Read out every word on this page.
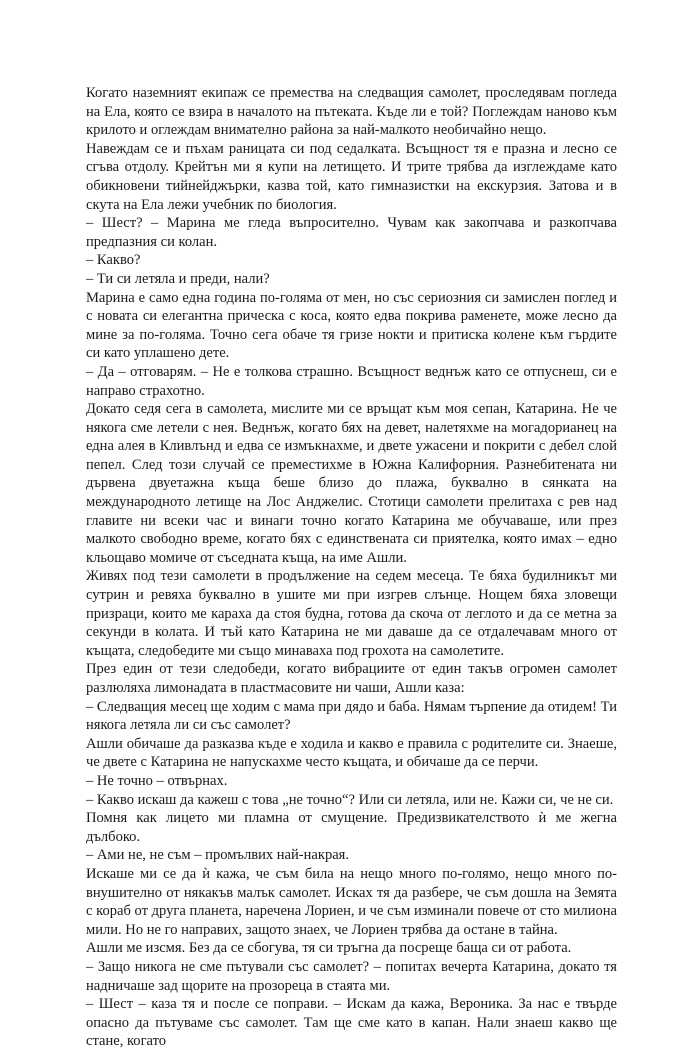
Когато наземният екипаж се премества на следващия самолет, проследявам погледа на Ела, която се взира в началото на пътеката. Къде ли е той? Поглеждам наново към крилото и оглеждам внимателно района за най-малкото необичайно нещо.

Навеждам се и пъхам раницата си под седалката. Всъщност тя е празна и лесно се сгъва отдолу. Крейтън ми я купи на летището. И трите трябва да изглеждаме като обикновени тийнейджърки, казва той, като гимназистки на екскурзия. Затова и в скута на Ела лежи учебник по биология.

– Шест? – Марина ме гледа въпросително. Чувам как закопчава и разкопчава предпазния си колан.

– Какво?

– Ти си летяла и преди, нали?

Марина е само една година по-голяма от мен, но със сериозния си замислен поглед и с новата си елегантна прическа с коса, която едва покрива раменете, може лесно да мине за по-голяма. Точно сега обаче тя гризе нокти и притиска колене към гърдите си като уплашено дете.

– Да – отговарям. – Не е толкова страшно. Всъщност веднъж като се отпуснеш, си е направо страхотно.

Докато седя сега в самолета, мислите ми се връщат към моя сепан, Катарина. Не че някога сме летели с нея. Веднъж, когато бях на девет, налетяхме на могадорианец на една алея в Кливлънд и едва се измъкнахме, и двете ужасени и покрити с дебел слой пепел. След този случай се преместихме в Южна Калифорния. Разнебитената ни дървена двуетажна къща беше близо до плажа, буквално в сянката на международното летище на Лос Анджелис. Стотици самолети прелитаха с рев над главите ни всеки час и винаги точно когато Катарина ме обучаваше, или през малкото свободно време, когато бях с единствената си приятелка, която имах – едно кльощаво момиче от съседната къща, на име Ашли.

Живях под тези самолети в продължение на седем месеца. Те бяха будилникът ми сутрин и ревяха буквално в ушите ми при изгрев слънце. Нощем бяха зловещи призраци, които ме караха да стоя будна, готова да скоча от леглото и да се метна за секунди в колата. И тъй като Катарина не ми даваше да се отдалечавам много от къщата, следобедите ми също минаваха под грохота на самолетите.

През един от тези следобеди, когато вибрациите от един такъв огромен самолет разлюляха лимонадата в пластмасовите ни чаши, Ашли каза:

– Следващия месец ще ходим с мама при дядо и баба. Нямам търпение да отидем! Ти някога летяла ли си със самолет?

Ашли обичаше да разказва къде е ходила и какво е правила с родителите си. Знаеше, че двете с Катарина не напускахме често къщата, и обичаше да се перчи.

– Не точно – отвърнах.

– Какво искаш да кажеш с това „не точно“? Или си летяла, или не. Кажи си, че не си.

Помня как лицето ми пламна от смущение. Предизвикателството ѝ ме жегна дълбоко.

– Ами не, не съм – промълвих най-накрая.

Искаше ми се да ѝ кажа, че съм била на нещо много по-голямо, нещо много по-внушително от някакъв малък самолет. Исках тя да разбере, че съм дошла на Земята с кораб от друга планета, наречена Лориен, и че съм изминали повече от сто милиона мили. Но не го направих, защото знаех, че Лориен трябва да остане в тайна.

Ашли ме изсмя. Без да се сбогува, тя си тръгна да посреще баща си от работа.

– Защо никога не сме пътували със самолет? – попитах вечерта Катарина, докато тя надничаше зад щорите на прозореца в стаята ми.

– Шест – каза тя и после се поправи. – Искам да кажа, Вероника. За нас е твърде опасно да пътуваме със самолет. Там ще сме като в капан. Нали знаеш какво ще стане, когато
